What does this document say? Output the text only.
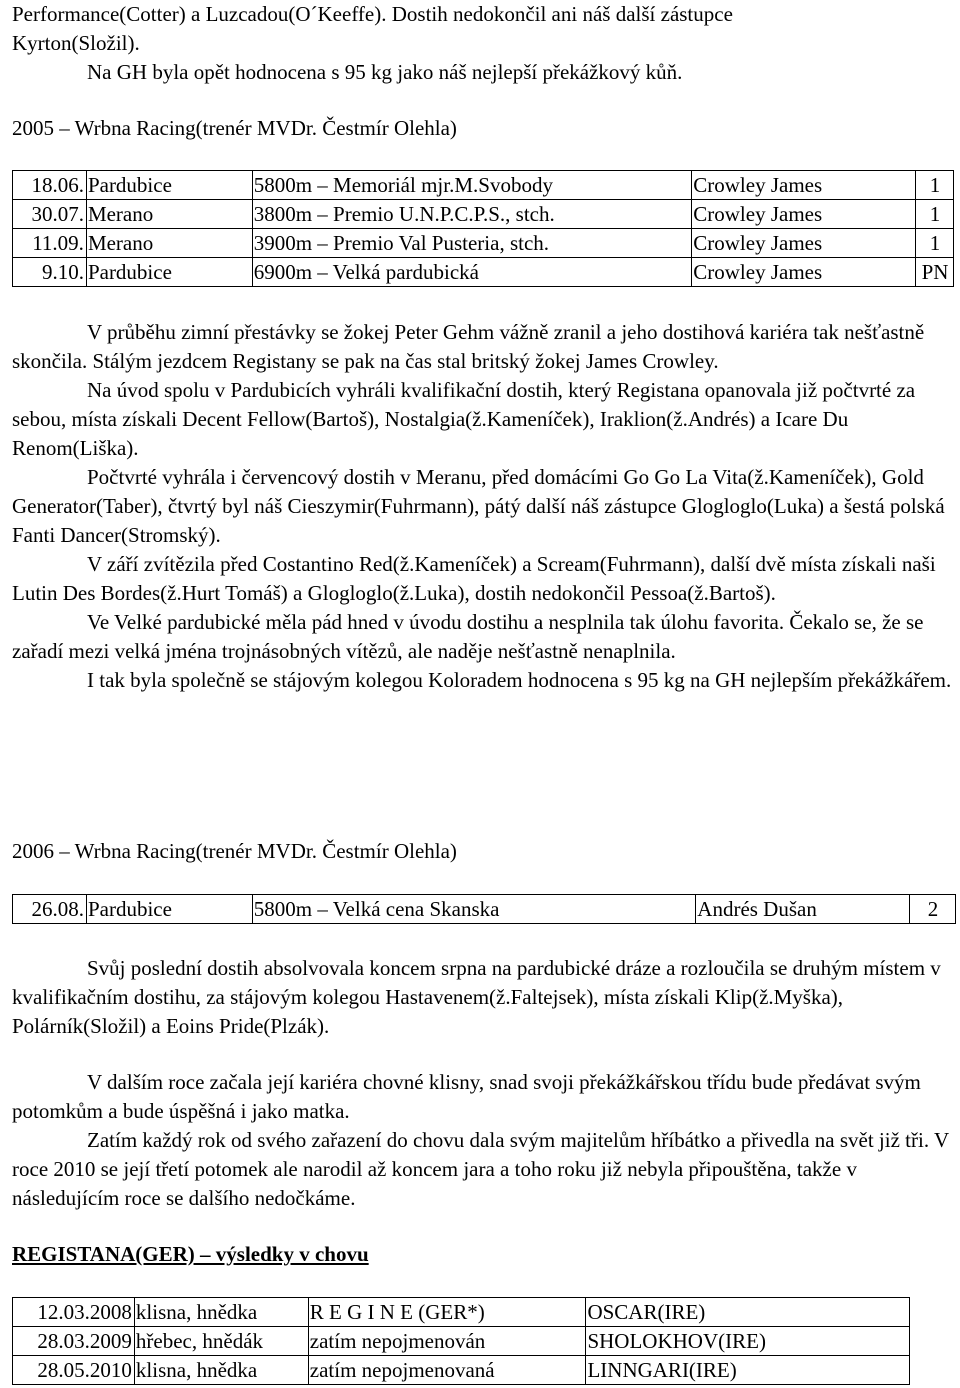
Performance(Cotter) a Luzcadou(O´Keeffe). Dostih nedokončil ani náš další zástupce
Kyrton(Složil).
Na GH byla opět hodnocena s 95 kg jako náš nejlepší překážkový kůň.
2005 – Wrbna Racing(trenér MVDr. Čestmír Olehla)
18.06.	Pardubice	5800m – Memoriál mjr.M.Svobody	Crowley James	1
30.07.	Merano	3800m – Premio U.N.P.C.P.S., stch.	Crowley James	1
11.09.	Merano	3900m – Premio Val Pusteria, stch.	Crowley James	1
9.10.	Pardubice	6900m – Velká pardubická	Crowley James	PN

V průběhu zimní přestávky se žokej Peter Gehm vážně zranil a jeho dostihová kariéra tak nešťastně skončila. Stálým jezdcem Registany se pak na čas stal britský žokej James Crowley.

Na úvod spolu v Pardubicích vyhráli kvalifikační dostih, který Registana opanovala již počtvrté za sebou, místa získali Decent Fellow(Bartoš), Nostalgia(ž.Kameníček), Iraklion(ž.Andrés) a Icare Du Renom(Liška).

Počtvrté vyhrála i červencový dostih v Meranu, před domácími Go Go La Vita(ž.Kameníček), Gold Generator(Taber), čtvrtý byl náš Cieszymir(Fuhrmann), pátý další náš zástupce Glogloglo(Luka) a šestá polská Fanti Dancer(Stromský).

V září zvítězila před Costantino Red(ž.Kameníček) a Scream(Fuhrmann), další dvě místa získali naši Lutin Des Bordes(ž.Hurt Tomáš) a Glogloglo(ž.Luka), dostih nedokončil Pessoa(ž.Bartoš).

Ve Velké pardubické měla pád hned v úvodu dostihu a nesplnila tak úlohu favorita. Čekalo se, že se zařadí mezi velká jména trojnásobných vítězů, ale naděje nešťastně nenaplnila.

I tak byla společně se stájovým kolegou Koloradem hodnocena s 95 kg na GH nejlepším překážkářem.

2006 – Wrbna Racing(trenér MVDr. Čestmír Olehla)
26.08.	Pardubice	5800m – Velká cena Skanska	Andrés Dušan	2

Svůj poslední dostih absolvovala koncem srpna na pardubické dráze a rozloučila se druhým místem v kvalifikačním dostihu, za stájovým kolegou Hastavenem(ž.Faltejsek), místa získali Klip(ž.Myška), Polárník(Složil) a Eoins Pride(Plzák).

V dalším roce začala její kariéra chovné klisny, snad svoji překážkářskou třídu bude předávat svým potomkům a bude úspěšná i jako matka.

Zatím každý rok od svého zařazení do chovu dala svým majitelům hříbátko a přivedla na svět již tři. V roce 2010 se její třetí potomek ale narodil až koncem jara a toho roku již nebyla připouštěna, takže v následujícím roce se dalšího nedočkáme.

REGISTANA(GER) – výsledky v chovu
12.03.2008	klisna, hnědka	R E G I N E (GER*)	OSCAR(IRE)
28.03.2009	hřebec, hnědák	zatím nepojmenován	SHOLOKHOV(IRE)
28.05.2010	klisna, hnědka	zatím nepojmenovaná	LINNGARI(IRE)
